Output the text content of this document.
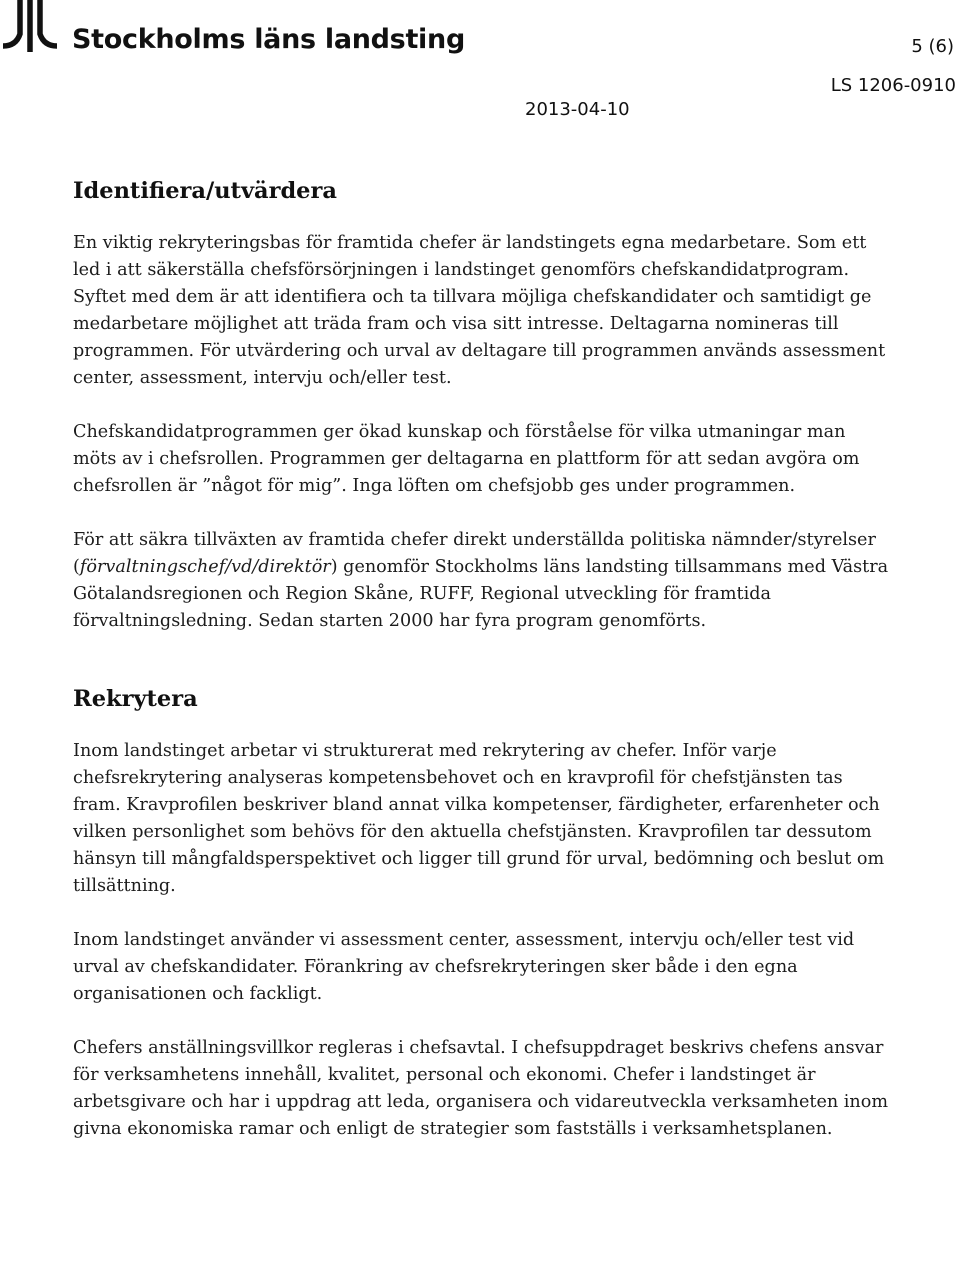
Stockholms läns landsting	5 (6)
LS 1206-0910
2013-04-10
Identifiera/utvärdera

En viktig rekryteringsbas för framtida chefer är landstingets egna medarbetare. Som ett led i att säkerställa chefsförsörjningen i landstinget genomförs chefskandidatprogram. Syftet med dem är att identifiera och ta tillvara möjliga chefskandidater och samtidigt ge medarbetare möjlighet att träda fram och visa sitt intresse. Deltagarna nomineras till programmen. För utvärdering och urval av deltagare till programmen används assessment center, assessment, intervju och/eller test.

Chefskandidatprogrammen ger ökad kunskap och förståelse för vilka utmaningar man möts av i chefsrollen. Programmen ger deltagarna en plattform för att sedan avgöra om chefsrollen är ”något för mig”. Inga löften om chefsjobb ges under programmen.

För att säkra tillväxten av framtida chefer direkt underställda politiska nämnder/styrelser (förvaltningschef/vd/direktör) genomför Stockholms läns landsting tillsammans med Västra Götalandsregionen och Region Skåne, RUFF, Regional utveckling för framtida förvaltningsledning. Sedan starten 2000 har fyra program genomförts.

Rekrytera

Inom landstinget arbetar vi strukturerat med rekrytering av chefer. Inför varje chefsrekrytering analyseras kompetensbehovet och en kravprofil för chefstjänsten tas fram. Kravprofilen beskriver bland annat vilka kompetenser, färdigheter, erfarenheter och vilken personlighet som behövs för den aktuella chefstjänsten. Kravprofilen tar dessutom hänsyn till mångfaldsperspektivet och ligger till grund för urval, bedömning och beslut om tillsättning.

Inom landstinget använder vi assessment center, assessment, intervju och/eller test vid urval av chefskandidater. Förankring av chefsrekryteringen sker både i den egna organisationen och fackligt.

Chefers anställningsvillkor regleras i chefsavtal. I chefsuppdraget beskrivs chefens ansvar för verksamhetens innehåll, kvalitet, personal och ekonomi. Chefer i landstinget är arbetsgivare och har i uppdrag att leda, organisera och vidareutveckla verksamheten inom givna ekonomiska ramar och enligt de strategier som fastställs i verksamhetsplanen.
